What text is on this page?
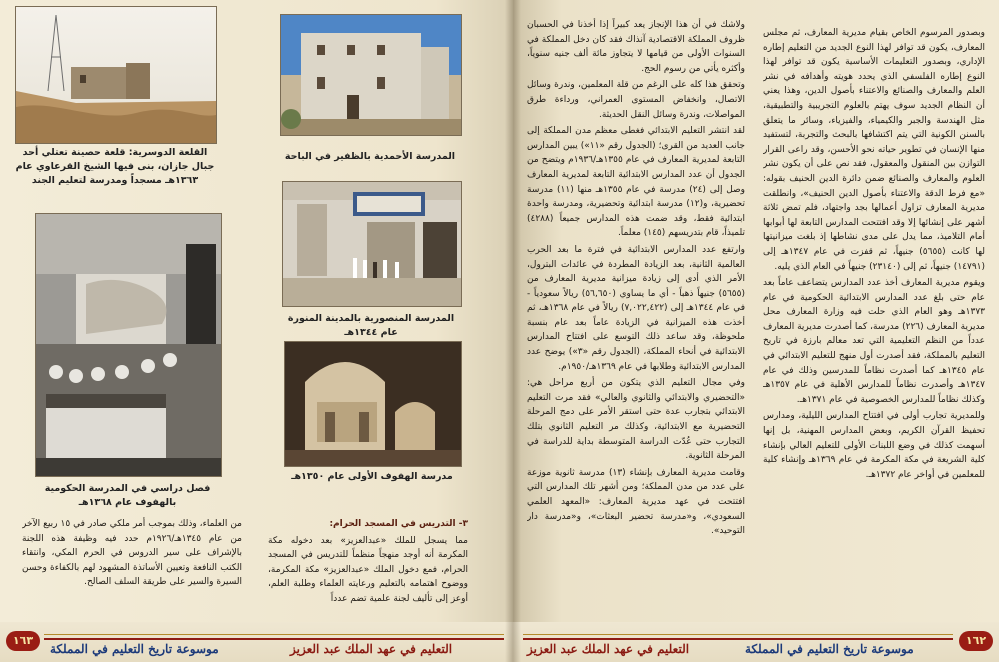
القلعة الدوسرية: قلعة حصينة تعتلي أحد جبال جازان، بنى فيها الشيخ القرعاوي عام ١٣٦٣هـ مسجداً ومدرسة لتعليم الجند
المدرسة الأحمدية بالظفير في الباحة
المدرسة المنصورية بالمدينة المنورة عام ١٣٤٤هـ
فصل دراسي في المدرسة الحكومية بالهفوف عام ١٣٦٨هـ
مدرسة الهفوف الأولى عام ١٣٥٠هـ

٣- التدريس في المسجد الحرام:

مما يسجل للملك «عبدالعزيز» بعد دخوله مكة المكرمة أنه أوجد منهجاً منظماً للتدريس في المسجد الحرام، فمع دخول الملك «عبدالعزيز» مكة المكرمة، ووضوح اهتمامه بالتعليم ورعايته العلماء وطلبة العلم، أوعز إلى تأليف لجنة علمية تضم عدداً

من العلماء، وذلك بموجب أمر ملكي صادر في ١٥ ربيع الآخر من عام ١٣٤٥هـ/١٩٢٦م حدد فيه وظيفة هذه اللجنة بالإشراف على سير الدروس في الحرم المكي، وانتقاء الكتب النافعة وتعيين الأساتذة المشهود لهم بالكفاءة وحسن السيرة والسير على طريقة السلف الصالح.

١٦٣
موسوعة تاريخ التعليم في المملكة	التعليم في عهد الملك عبد العزيز

ولاشك في أن هذا الإنجاز يعد كبيراً إذا أخذنا في الحسبان ظروف المملكة الاقتصادية آنذاك فقد كان دخل المملكة في السنوات الأولى من قيامها لا يتجاوز مائة ألف جنيه سنوياً، وأكثره يأتي من رسوم الحج.

وتحقق هذا كله على الرغم من قلة المعلمين، وندرة وسائل الاتصال، وانخفاض المستوى العمراني، ورداءة طرق المواصلات، وندرة وسائل النقل الحديثة.

لقد انتشر التعليم الابتدائي فغطى معظم مدن المملكة إلى جانب العديد من القرى؛ (الجدول رقم «١١») يبين المدارس التابعة لمديرية المعارف في عام ١٣٥٥هـ/١٩٣٦م ويتضح من الجدول أن عدد المدارس الابتدائية التابعة لمديرية المعارف وصل إلى (٢٤) مدرسة في عام ١٣٥٥هـ منها (١١) مدرسة تحضيرية، و(١٢) مدرسة ابتدائية وتحضيرية، ومدرسة واحدة ابتدائية فقط، وقد ضمت هذه المدارس جميعاً (٤٢٨٨) تلميذاً، قام بتدريسهم (١٤٥) معلماً.

وارتفع عدد المدارس الابتدائية في فترة ما بعد الحرب العالمية الثانية، بعد الزيادة المطردة في عائدات البترول، الأمر الذي أدى إلى زيادة ميزانية مديرية المعارف من (٥٦٥٥) جنيهاً ذهباً - أي ما يساوي (٥٦,٦٥٠) ريالاً سعودياً - في عام ١٣٤٤هـ إلى (٧,٠٢٢,٤٢٢) ريالاً في عام ١٣٦٨هـ، ثم أخذت هذه الميزانية في الزيادة عاماً بعد عام بنسبة ملحوظة، وقد ساعد ذلك التوسع على افتتاح المدارس الابتدائية في أنحاء المملكة، (الجدول رقم «٣») يوضح عدد المدارس الابتدائية وطلابها في عام ١٣٦٩هـ/١٩٥٠م.

وفي مجال التعليم الذي يتكون من أربع مراحل هي: «التحضيري والابتدائي والثانوي والعالي» فقد مرت التعليم الابتدائي بتجارب عدة حتى استقر الأمر على دمج المرحلة التحضيرية مع الابتدائية، وكذلك مر التعليم الثانوي بتلك التجارب حتى عُدّت الدراسة المتوسطة بداية للدراسة في المرحلة الثانوية.

وقامت مديرية المعارف بإنشاء (١٣) مدرسة ثانوية موزعة على عدد من مدن المملكة؛ ومن أشهر تلك المدارس التي افتتحت في عهد مديرية المعارف: «المعهد العلمي السعودي»، و«مدرسة تحضير البعثات»، و«مدرسة دار التوحيد».

وبصدور المرسوم الخاص بقيام مديرية المعارف، ثم مجلس المعارف، يكون قد توافر لهذا النوع الجديد من التعليم إطاره الإداري، وبصدور التعليمات الأساسية يكون قد توافر لهذا النوع إطاره الفلسفي الذي يحدد هويته وأهدافه في نشر العلم والمعارف والصنائع والاعتناء بأصول الدين، وهذا يعني أن النظام الجديد سوف يهتم بالعلوم التجريبية والتطبيقية، مثل الهندسة والجبر والكيمياء، والفيزياء، وسائر ما يتعلق بالسنن الكونية التي يتم اكتشافها بالبحث والتجربة، لتستفيد منها الإنسان في تطوير حياته نحو الأحسن، وقد راعى القرار التوازن بين المنقول والمعقول، فقد نص على أن يكون نشر العلوم والمعارف والصنائع ضمن دائرة الدين الحنيف بقوله: «مع فرط الدقة والاعتناء بأصول الدين الحنيف»، وانطلقت مديرية المعارف تزاول أعمالها بجد واجتهاد، فلم تمض ثلاثة أشهر على إنشائها إلا وقد افتتحت المدارس التابعة لها أبوابها أمام التلاميذ، مما يدل على مدى نشاطها إذ بلغت ميزانيتها لها كانت (٥٦٥٥) جنيهاً، ثم قفزت في عام ١٣٤٧هـ إلى (١٤٧٩١) جنيهاً، ثم إلى (٢٣١٤٠) جنيهاً في العام الذي يليه.

ويقوم مديرية المعارف أخذ عدد المدارس يتضاعف عاماً بعد عام حتى بلغ عدد المدارس الابتدائية الحكومية في عام ١٣٧٣هـ وهو العام الذي حلت فيه وزارة المعارف محل مديرية المعارف (٢٢٦) مدرسة، كما أصدرت مديرية المعارف عدداً من النظم التعليمية التي تعد معالم بارزة في تاريخ التعليم بالمملكة، فقد أصدرت أول منهج للتعليم الابتدائي في عام ١٣٤٥هـ كما أصدرت نظاماً للمدرسين وذلك في عام ١٣٤٧هـ وأصدرت نظاماً للمدارس الأهلية في عام ١٣٥٧هـ وكذلك نظاماً للمدارس الخصوصية في عام ١٣٧١هـ.

وللمديرية تجارب أولى في افتتاح المدارس الليلية، ومدارس تحفيظ القرآن الكريم، وبعض المدارس المهنية، بل إنها أسهمت كذلك في وضع اللبنات الأولى للتعليم العالي بإنشاء كلية الشريعة في مكة المكرمة في عام ١٣٦٩هـ وإنشاء كلية للمعلمين في أواخر عام ١٣٧٢هـ.

١٦٢
التعليم في عهد الملك عبد العزيز	موسوعة تاريخ التعليم في المملكة
